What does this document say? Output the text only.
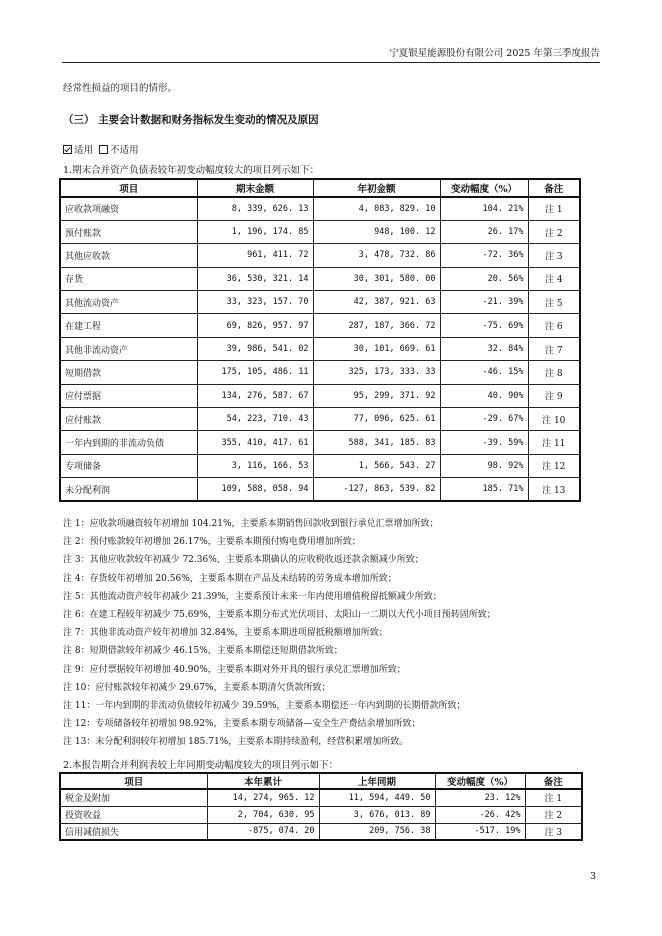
宁夏银星能源股份有限公司 2025 年第三季度报告
经常性损益的项目的情形。
（三） 主要会计数据和财务指标发生变动的情况及原因
适用 不适用
1.期末合并资产负债表较年初变动幅度较大的项目列示如下：
项目	期末金额	年初金额	变动幅度（%）	备注
应收款项融资	8, 339, 626. 13	4, 083, 829. 10	104. 21%	注 1
预付账款	1, 196, 174. 85	948, 100. 12	26. 17%	注 2
其他应收款	961, 411. 72	3, 478, 732. 86	-72. 36%	注 3
存货	36, 530, 321. 14	30, 301, 580. 00	20. 56%	注 4
其他流动资产	33, 323, 157. 70	42, 387, 921. 63	-21. 39%	注 5
在建工程	69, 826, 957. 97	287, 187, 366. 72	-75. 69%	注 6
其他非流动资产	39, 986, 541. 02	30, 101, 669. 61	32. 84%	注 7
短期借款	175, 105, 486. 11	325, 173, 333. 33	-46. 15%	注 8
应付票据	134, 276, 587. 67	95, 299, 371. 92	40. 90%	注 9
应付账款	54, 223, 710. 43	77, 096, 625. 61	-29. 67%	注 10
一年内到期的非流动负债	355, 410, 417. 61	588, 341, 185. 83	-39. 59%	注 11
专项储备	3, 116, 166. 53	1, 566, 543. 27	98. 92%	注 12
未分配利润	109, 588, 058. 94	-127, 863, 539. 82	185. 71%	注 13
注 1：应收款项融资较年初增加 104.21%，主要系本期销售回款收到银行承兑汇票增加所致；
注 2：预付账款较年初增加 26.17%，主要系本期预付购电费用增加所致；
注 3：其他应收款较年初减少 72.36%，主要系本期确认的应收税收返还款余额减少所致；
注 4：存货较年初增加 20.56%，主要系本期在产品及未结转的劳务成本增加所致；
注 5：其他流动资产较年初减少 21.39%，主要系预计未来一年内使用增值税留抵额减少所致；
注 6：在建工程较年初减少 75.69%，主要系本期分布式光伏项目、太阳山一二期以大代小项目预转固所致；
注 7：其他非流动资产较年初增加 32.84%，主要系本期进项留抵税额增加所致；
注 8：短期借款较年初减少 46.15%，主要系本期偿还短期借款所致；
注 9：应付票据较年初增加 40.90%，主要系本期对外开具的银行承兑汇票增加所致；
注 10：应付账款较年初减少 29.67%，主要系本期清欠货款所致；
注 11：一年内到期的非流动负债较年初减少 39.59%，主要系本期偿还一年内到期的长期借款所致；
注 12：专项储备较年初增加 98.92%，主要系本期专项储备—安全生产费结余增加所致；
注 13：未分配利润较年初增加 185.71%，主要系本期持续盈利，经营积累增加所致。
2.本报告期合并利润表较上年同期变动幅度较大的项目列示如下：
项目	本年累计	上年同期	变动幅度（%）	备注
税金及附加	14, 274, 965. 12	11, 594, 449. 50	23. 12%	注 1
投资收益	2, 704, 630. 95	3, 676, 013. 89	-26. 42%	注 2
信用减值损失	-875, 074. 20	209, 756. 38	-517. 19%	注 3
3
